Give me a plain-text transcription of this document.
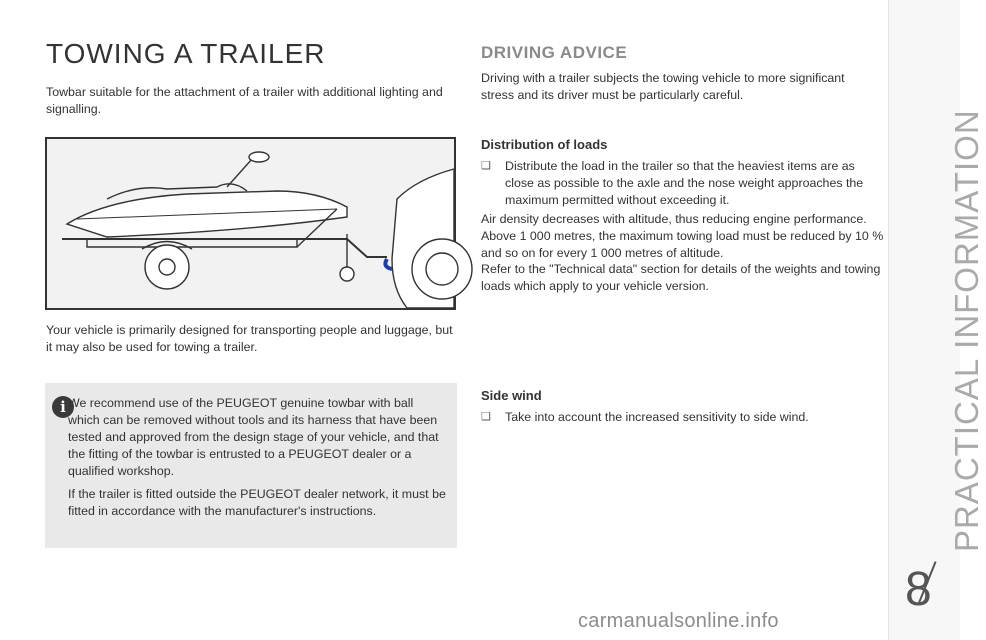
TOWING A TRAILER

Towbar suitable for the attachment of a trailer with additional lighting and signalling.

Your vehicle is primarily designed for transporting people and luggage, but it may also be used for towing a trailer.

i We recommend use of the PEUGEOT genuine towbar with ball which can be removed without tools and its harness that have been tested and approved from the design stage of your vehicle, and that the fitting of the towbar is entrusted to a PEUGEOT dealer or a qualified workshop.

If the trailer is fitted outside the PEUGEOT dealer network, it must be fitted in accordance with the manufacturer's instructions.

DRIVING ADVICE

Driving with a trailer subjects the towing vehicle to more significant stress and its driver must be particularly careful.

Distribution of loads
❑	Distribute the load in the trailer so that the heaviest items are as close as possible to the axle and the nose weight approaches the maximum permitted without exceeding it.

Air density decreases with altitude, thus reducing engine performance. Above 1 000 metres, the maximum towing load must be reduced by 10 % and so on for every 1 000 metres of altitude.

Refer to the "Technical data" section for details of the weights and towing loads which apply to your vehicle version.

Side wind
❑	Take into account the increased sensitivity to side wind.	PRACTICAL INFORMATION

8

carmanualsonline.info
